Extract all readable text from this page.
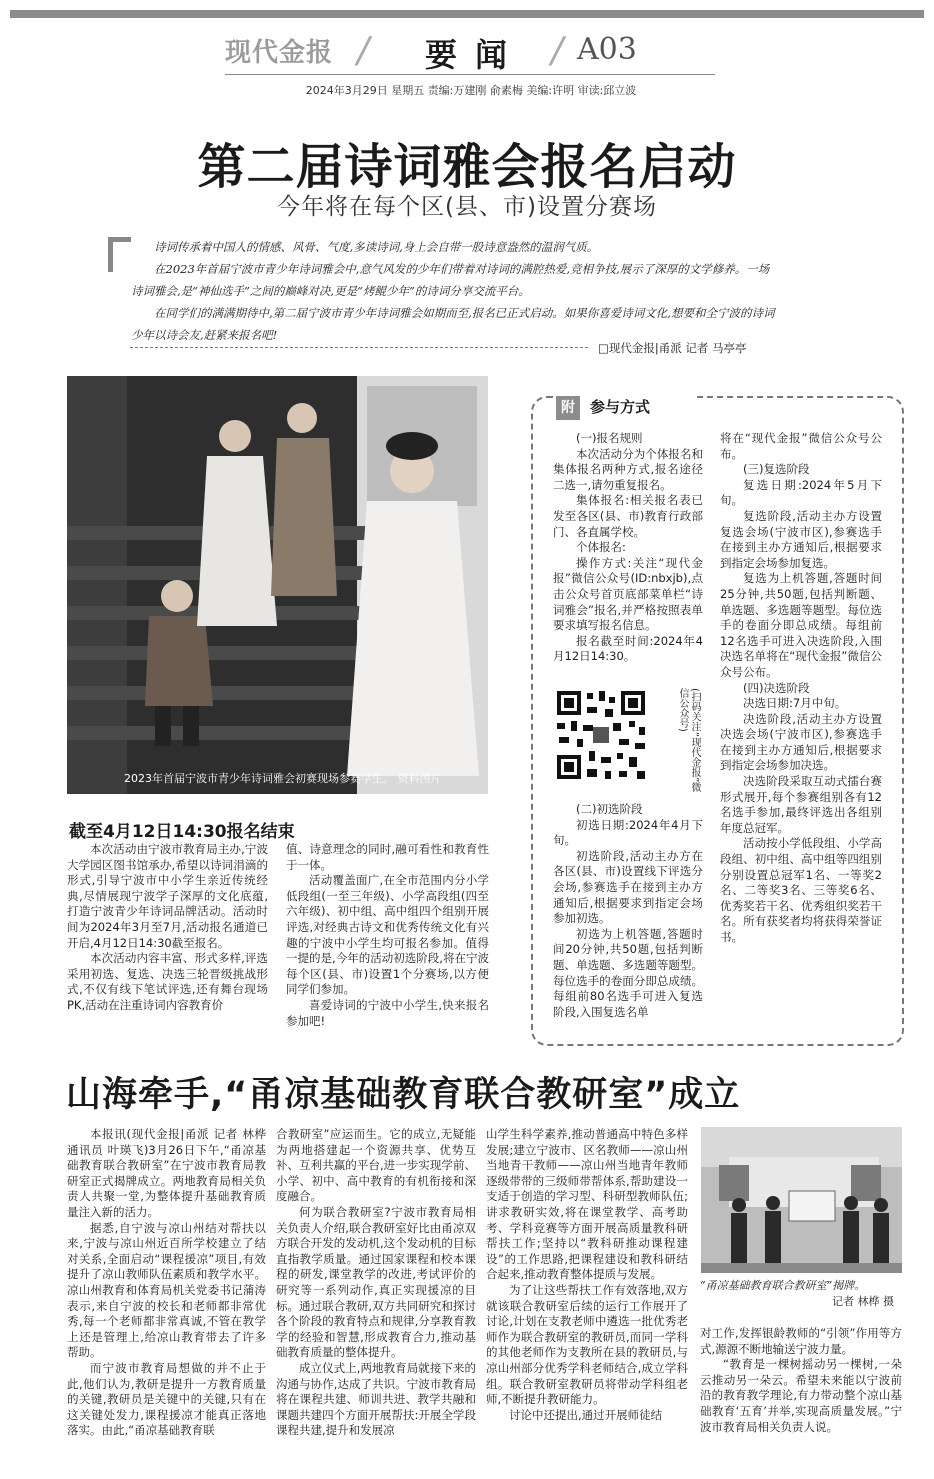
现代金报 / 要闻 / A03
2024年3月29日 星期五 责编:万建刚 俞素梅 美编:许明 审读:邱立波
第二届诗词雅会报名启动
今年将在每个区(县、市)设置分赛场

诗词传承着中国人的情感、风骨、气度,多读诗词,身上会自带一股诗意盎然的温润气质。

在2023年首届宁波市青少年诗词雅会中,意气风发的少年们带着对诗词的满腔热爱,竞相争技,展示了深厚的文学修养。一场诗词雅会,是“神仙选手”之间的巅峰对决,更是“烤鲲少年”的诗词分享交流平台。

在同学们的满满期待中,第二届宁波市青少年诗词雅会如期而至,报名已正式启动。如果你喜爱诗词文化,想要和全宁波的诗词少年以诗会友,赶紧来报名吧!

□现代金报|甬派 记者 马亭亭
2023年首届宁波市青少年诗词雅会初赛现场参赛学生。 资料图片
截至4月12日14:30报名结束

本次活动由宁波市教育局主办,宁波大学园区图书馆承办,希望以诗词涓滴的形式,引导宁波市中小学生亲近传统经典,尽情展现宁波学子深厚的文化底蕴,打造宁波青少年诗词品牌活动。活动时间为2024年3月至7月,活动报名通道已开启,4月12日14:30截至报名。

本次活动内容丰富、形式多样,评选采用初选、复选、决选三轮晋级挑战形式,不仅有线下笔试评选,还有舞台现场PK,活动在注重诗词内容教育价

值、诗意理念的同时,融可看性和教育性于一体。

活动覆盖面广,在全市范围内分小学低段组(一至三年级)、小学高段组(四至六年级)、初中组、高中组四个组别开展评选,对经典古诗文和优秀传统文化有兴趣的宁波中小学生均可报名参加。值得一提的是,今年的活动初选阶段,将在宁波每个区(县、市)设置1个分赛场,以方便同学们参加。

喜爱诗词的宁波中小学生,快来报名参加吧!

附	参与方式

(一)报名规则

本次活动分为个体报名和集体报名两种方式,报名途径二选一,请勿重复报名。

集体报名:相关报名表已发至各区(县、市)教育行政部门、各直属学校。

个体报名:

操作方式:关注“现代金报”微信公众号(ID:nbxjb),点击公众号首页底部菜单栏“诗词雅会”报名,并严格按照表单要求填写报名信息。

报名截至时间:2024年4月12日14:30。

(扫码关注“现代金报”微信公众号)

(二)初选阶段

初选日期:2024年4月下旬。

初选阶段,活动主办方在各区(县、市)设置线下评选分会场,参赛选手在接到主办方通知后,根据要求到指定会场参加初选。

初选为上机答题,答题时间20分钟,共50题,包括判断题、单选题、多选题等题型。每位选手的卷面分即总成绩。每组前80名选手可进入复选阶段,入围复选名单

将在“现代金报”微信公众号公布。

(三)复选阶段

复选日期:2024年5月下旬。

复选阶段,活动主办方设置复选会场(宁波市区),参赛选手在接到主办方通知后,根据要求到指定会场参加复选。

复选为上机答题,答题时间25分钟,共50题,包括判断题、单选题、多选题等题型。每位选手的卷面分即总成绩。每组前12名选手可进入决选阶段,入围决选名单将在“现代金报”微信公众号公布。

(四)决选阶段

决选日期:7月中旬。

决选阶段,活动主办方设置决选会场(宁波市区),参赛选手在接到主办方通知后,根据要求到指定会场参加决选。

决选阶段采取互动式擂台赛形式展开,每个参赛组别各有12名选手参加,最终评选出各组别年度总冠军。

活动按小学低段组、小学高段组、初中组、高中组等四组别分别设置总冠军1名、一等奖2名、二等奖3名、三等奖6名、优秀奖若干名、优秀组织奖若干名。所有获奖者均将获得荣誉证书。

山海牵手,“甬凉基础教育联合教研室”成立

本报讯(现代金报|甬派 记者 林桦 通讯员 叶瑛飞)3月26日下午,“甬凉基础教育联合教研室”在宁波市教育局教研室正式揭牌成立。两地教育局相关负责人共聚一堂,为整体提升基础教育质量注入新的活力。

据悉,自宁波与凉山州结对帮扶以来,宁波与凉山州近百所学校建立了结对关系,全面启动“课程援凉”项目,有效提升了凉山教师队伍素质和教学水平。凉山州教育和体育局机关党委书记蒲涛表示,来自宁波的校长和老师都非常优秀,每一个老师都非常真诚,不管在教学上还是管理上,给凉山教育带去了许多帮助。

而宁波市教育局想做的并不止于此,他们认为,教研是提升一方教育质量的关键,教研员是关键中的关键,只有在这关键处发力,课程援凉才能真正落地落实。由此,“甬凉基础教育联

合教研室”应运而生。它的成立,无疑能为两地搭建起一个资源共享、优势互补、互利共赢的平台,进一步实现学前、小学、初中、高中教育的有机衔接和深度融合。

何为联合教研室?宁波市教育局相关负责人介绍,联合教研室好比由甬凉双方联合开发的发动机,这个发动机的目标直指教学质量。通过国家课程和校本课程的研发,课堂教学的改进,考试评价的研究等一系列动作,真正实现援凉的目标。通过联合教研,双方共同研究和探讨各个阶段的教育特点和规律,分享教育教学的经验和智慧,形成教育合力,推动基础教育质量的整体提升。

成立仪式上,两地教育局就接下来的沟通与协作,达成了共识。宁波市教育局将在课程共建、师训共进、教学共融和课题共建四个方面开展帮扶:开展全学段课程共建,提升和发展凉

山学生科学素养,推动普通高中特色多样发展;建立宁波市、区名教师——凉山州当地青干教师——凉山州当地青年教师逐级带带的三级师带帮体系,帮助建设一支适于创造的学习型、科研型教师队伍;讲求教研实效,将在课堂教学、高考助考、学科竞赛等方面开展高质量教科研帮扶工作;坚持以“教科研推动课程建设”的工作思路,把课程建设和教科研结合起来,推动教育整体提质与发展。

为了让这些帮扶工作有效落地,双方就该联合教研室后续的运行工作展开了讨论,计划在支教老师中遴选一批优秀老师作为联合教研室的教研员,而同一学科的其他老师作为支教所在县的教研员,与凉山州部分优秀学科老师结合,成立学科组。联合教研室教研员将带动学科组老师,不断提升教研能力。

讨论中还提出,通过开展师徒结

“甬凉基础教育联合教研室”揭牌。
记者 林桦 摄

对工作,发挥银龄教师的“引领”作用等方式,源源不断地输送宁波力量。

“教育是一棵树摇动另一棵树,一朵云推动另一朵云。希望未来能以宁波前沿的教育教学理论,有力带动整个凉山基础教育‘五育’并举,实现高质量发展。”宁波市教育局相关负责人说。
